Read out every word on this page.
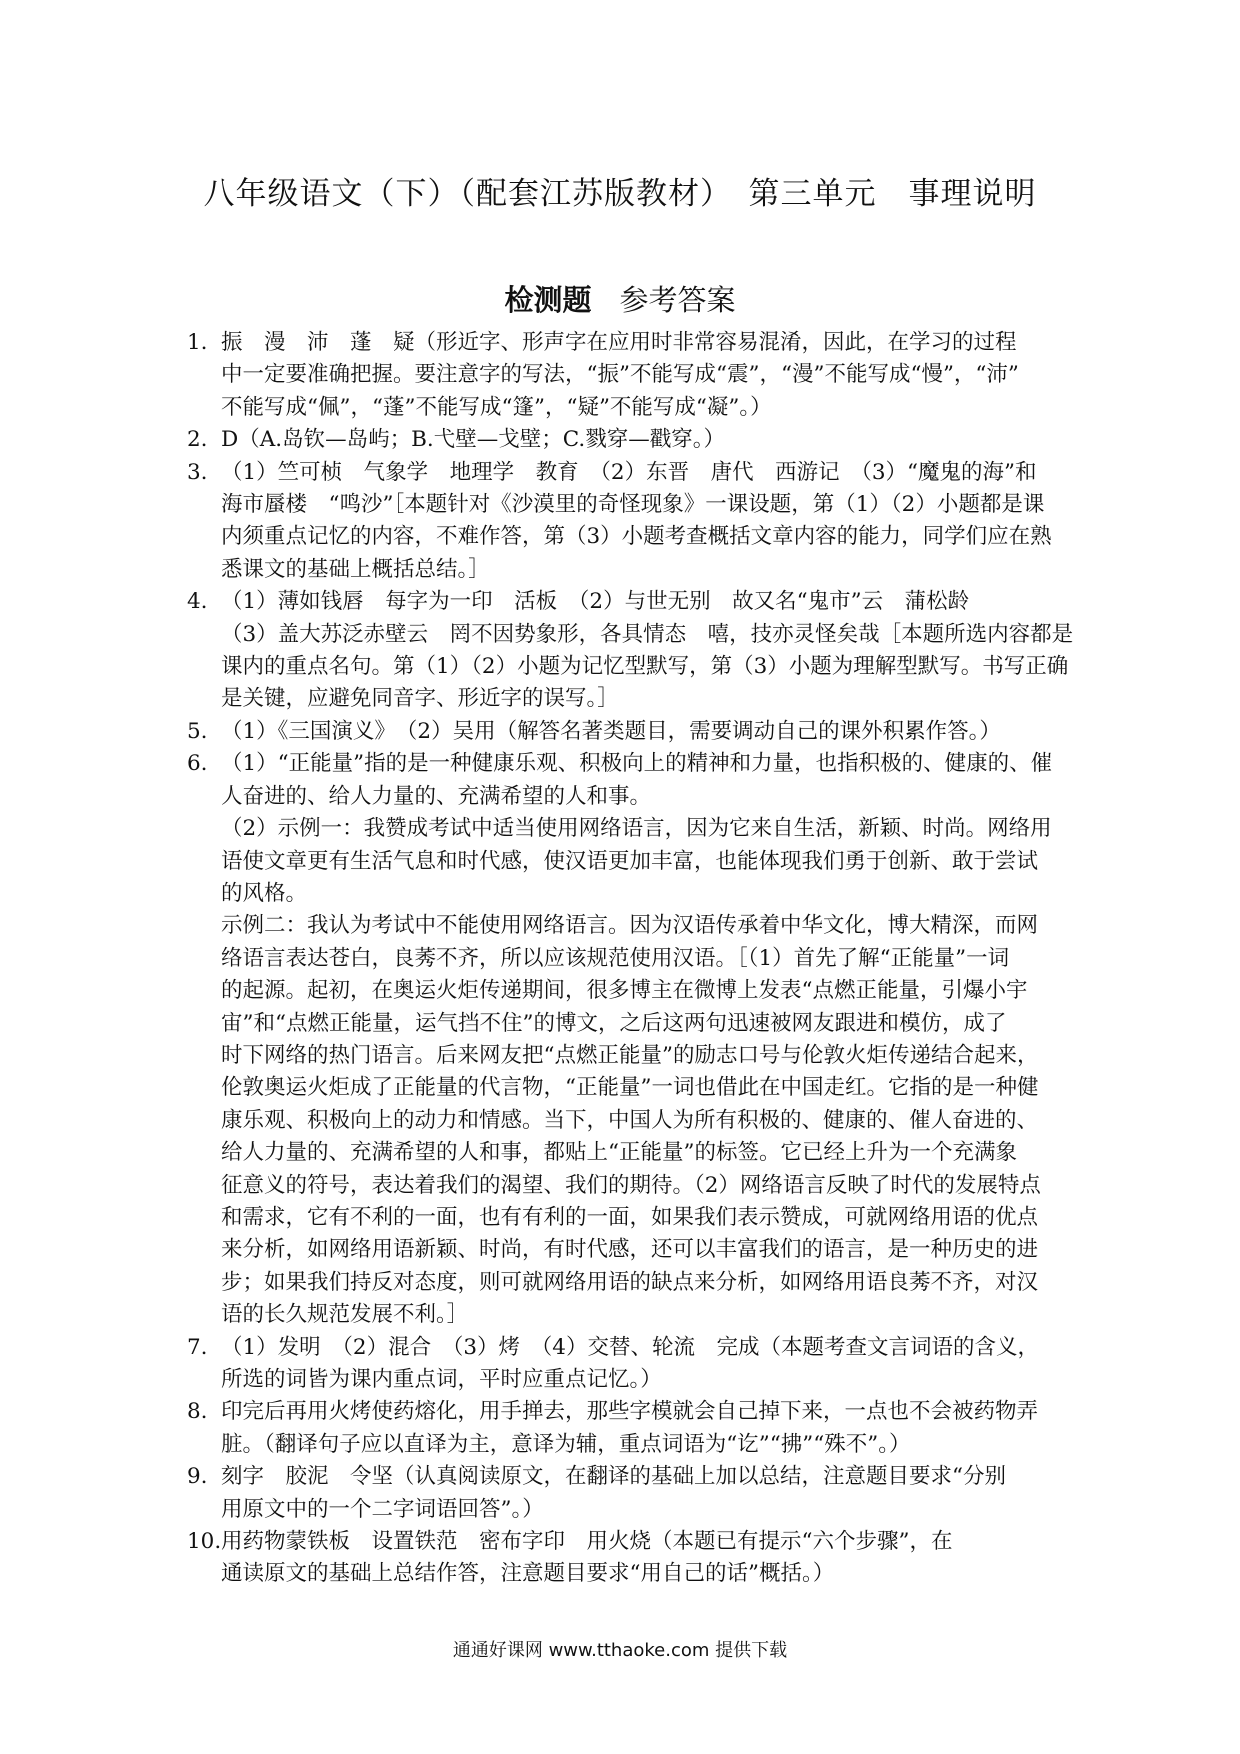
八年级语文（下）（配套江苏版教材）　第三单元　事理说明
检测题 参考答案
1. 振　漫　沛　蓬　疑（形近字、形声字在应用时非常容易混淆，因此，在学习的过程
中一定要准确把握。要注意字的写法，“振”不能写成“震”，“漫”不能写成“慢”，“沛”
不能写成“佩”，“蓬”不能写成“篷”，“疑”不能写成“凝”。）
2. D（A.岛钦—岛屿；B.弋壁—戈壁；C.戮穿—戳穿。）
3. （1）竺可桢　气象学　地理学　教育　（2）东晋　唐代　西游记　（3）“魔鬼的海”和
海市蜃楼　“鸣沙”［本题针对《沙漠里的奇怪现象》一课设题，第（1）（2）小题都是课
内须重点记忆的内容，不难作答，第（3）小题考查概括文章内容的能力，同学们应在熟
悉课文的基础上概括总结。］
4. （1）薄如钱唇　每字为一印　活板　（2）与世无别　故又名“鬼市”云　蒲松龄
（3）盖大苏泛赤壁云　罔不因势象形，各具情态　嘻，技亦灵怪矣哉［本题所选内容都是
课内的重点名句。第（1）（2）小题为记忆型默写，第（3）小题为理解型默写。书写正确
是关键，应避免同音字、形近字的误写。］
5. （1）《三国演义》　（2）吴用（解答名著类题目，需要调动自己的课外积累作答。）
6. （1）“正能量”指的是一种健康乐观、积极向上的精神和力量，也指积极的、健康的、催
人奋进的、给人力量的、充满希望的人和事。
（2）示例一：我赞成考试中适当使用网络语言，因为它来自生活，新颖、时尚。网络用
语使文章更有生活气息和时代感，使汉语更加丰富，也能体现我们勇于创新、敢于尝试
的风格。
示例二：我认为考试中不能使用网络语言。因为汉语传承着中华文化，博大精深，而网
络语言表达苍白，良莠不齐，所以应该规范使用汉语。［（1）首先了解“正能量”一词
的起源。起初，在奥运火炬传递期间，很多博主在微博上发表“点燃正能量，引爆小宇
宙”和“点燃正能量，运气挡不住”的博文，之后这两句迅速被网友跟进和模仿，成了
时下网络的热门语言。后来网友把“点燃正能量”的励志口号与伦敦火炬传递结合起来，
伦敦奥运火炬成了正能量的代言物，“正能量”一词也借此在中国走红。它指的是一种健
康乐观、积极向上的动力和情感。当下，中国人为所有积极的、健康的、催人奋进的、
给人力量的、充满希望的人和事，都贴上“正能量”的标签。它已经上升为一个充满象
征意义的符号，表达着我们的渴望、我们的期待。（2）网络语言反映了时代的发展特点
和需求，它有不利的一面，也有有利的一面，如果我们表示赞成，可就网络用语的优点
来分析，如网络用语新颖、时尚，有时代感，还可以丰富我们的语言，是一种历史的进
步；如果我们持反对态度，则可就网络用语的缺点来分析，如网络用语良莠不齐，对汉
语的长久规范发展不利。］
7. （1）发明　（2）混合　（3）烤　（4）交替、轮流　完成（本题考查文言词语的含义，
所选的词皆为课内重点词，平时应重点记忆。）
8. 印完后再用火烤使药熔化，用手掸去，那些字模就会自己掉下来，一点也不会被药物弄
脏。（翻译句子应以直译为主，意译为辅，重点词语为“讫”“拂”“殊不”。）
9. 刻字　胶泥　令坚（认真阅读原文，在翻译的基础上加以总结，注意题目要求“分别
用原文中的一个二字词语回答”。）
10. 用药物蒙铁板　设置铁范　密布字印　用火烧（本题已有提示“六个步骤”，在
通读原文的基础上总结作答，注意题目要求“用自己的话”概括。）
通通好课网 www.tthaoke.com 提供下载
